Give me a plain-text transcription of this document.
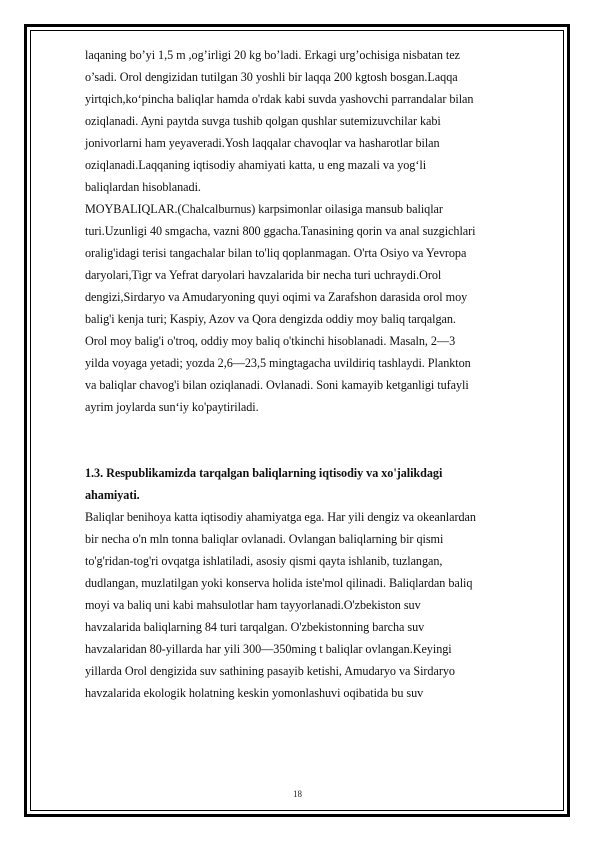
laqaning bo’yi 1,5 m ,og’irligi 20 kg bo’ladi. Erkagi urg’ochisiga nisbatan tez
o’sadi. Orol dengizidan tutilgan 30 yoshli bir laqqa 200 kgtosh bosgan.Laqqa
yirtqich,ko‘pincha baliqlar hamda o'rdak kabi suvda yashovchi parrandalar bilan
oziqlanadi. Ayni paytda suvga tushib qolgan qushlar sutemizuvchilar kabi
jonivorlarni ham yeyaveradi.Yosh laqqalar chavoqlar va hasharotlar bilan
oziqlanadi.Laqqaning iqtisodiy ahamiyati katta, u eng mazali va yog‘li
baliqlardan hisoblanadi.
MOYBALIQLAR.(Chalcalburnus) karpsimonlar oilasiga mansub baliqlar
turi.Uzunligi 40 smgacha, vazni 800 ggacha.Tanasining qorin va anal suzgichlari
oralig'idagi terisi tangachalar bilan to'liq qoplanmagan. O'rta Osiyo va Yevropa
daryolari,Tigr va Yefrat daryolari havzalarida bir necha turi uchraydi.Orol
dengizi,Sirdaryo va Amudaryoning quyi oqimi va Zarafshon darasida orol moy
balig'i kenja turi; Kaspiy, Azov va Qora dengizda oddiy moy baliq tarqalgan.
Orol moy balig'i o'troq, oddiy moy baliq o'tkinchi hisoblanadi. Masaln, 2—3
yilda voyaga yetadi; yozda 2,6—23,5 mingtagacha uvildiriq tashlaydi. Plankton
va baliqlar chavog'i bilan oziqlanadi. Ovlanadi. Soni kamayib ketganligi tufayli
ayrim joylarda sun‘iy ko'paytiriladi.
1.3. Respublikamizda tarqalgan baliqlarning iqtisodiy va xo'jalikdagi
ahamiyati.
Baliqlar benihoya katta iqtisodiy ahamiyatga ega. Har yili dengiz va okeanlardan
bir necha o'n mln tonna baliqlar ovlanadi. Ovlangan baliqlarning bir qismi
to'g'ridan-tog'ri ovqatga ishlatiladi, asosiy qismi qayta ishlanib, tuzlangan,
dudlangan, muzlatilgan yoki konserva holida iste'mol qilinadi. Baliqlardan baliq
moyi va baliq uni kabi mahsulotlar ham tayyorlanadi.O'zbekiston suv
havzalarida baliqlarning 84 turi tarqalgan. O'zbekistonning barcha suv
havzalaridan 80-yillarda har yili 300—350ming t baliqlar ovlangan.Keyingi
yillarda Orol dengizida suv sathining pasayib ketishi, Amudaryo va Sirdaryo
havzalarida ekologik holatning keskin yomonlashuvi oqibatida bu suv
18
